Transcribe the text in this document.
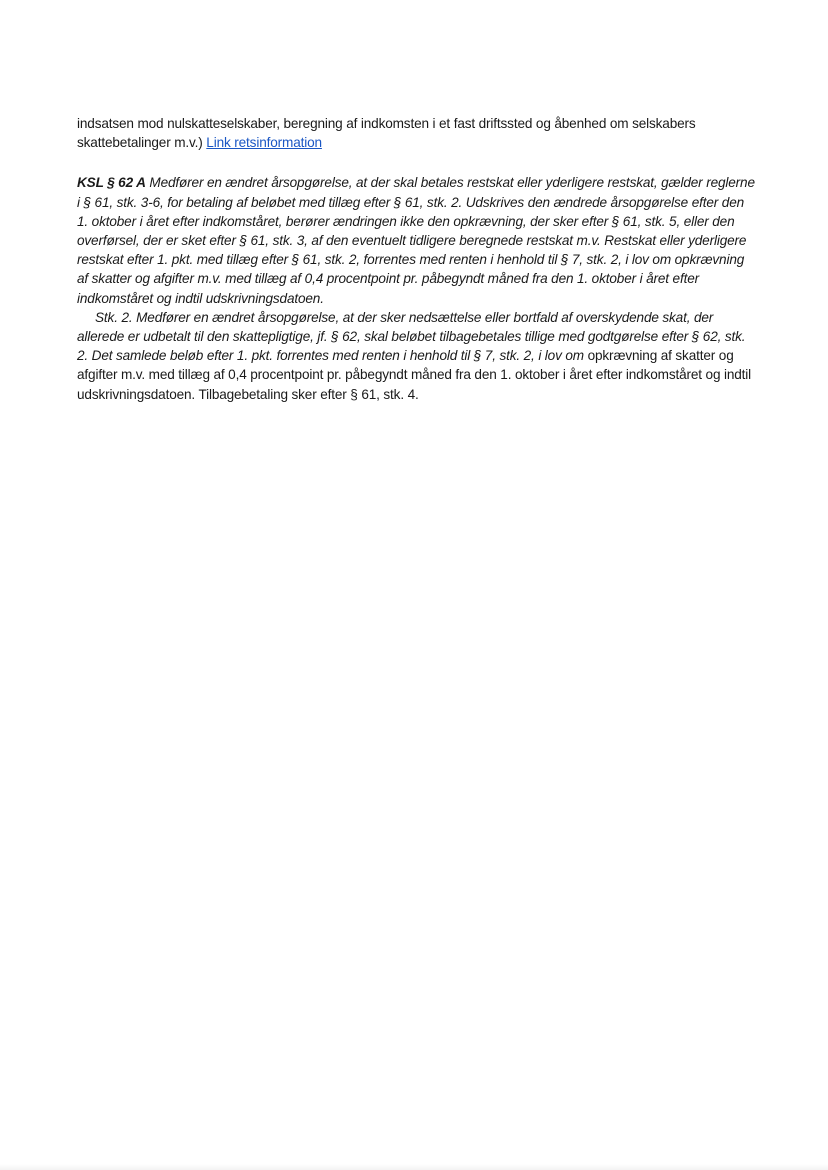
indsatsen mod nulskatteselskaber, beregning af indkomsten i et fast driftssted og åbenhed om selskabers skattebetalinger m.v.) Link retsinformation

KSL § 62 A Medfører en ændret årsopgørelse, at der skal betales restskat eller yderligere restskat, gælder reglerne i § 61, stk. 3-6, for betaling af beløbet med tillæg efter § 61, stk. 2. Udskrives den ændrede årsopgørelse efter den 1. oktober i året efter indkomståret, berører ændringen ikke den opkrævning, der sker efter § 61, stk. 5, eller den overførsel, der er sket efter § 61, stk. 3, af den eventuelt tidligere beregnede restskat m.v. Restskat eller yderligere restskat efter 1. pkt. med tillæg efter § 61, stk. 2, forrentes med renten i henhold til § 7, stk. 2, i lov om opkrævning af skatter og afgifter m.v. med tillæg af 0,4 procentpoint pr. påbegyndt måned fra den 1. oktober i året efter indkomståret og indtil udskrivningsdatoen.

Stk. 2. Medfører en ændret årsopgørelse, at der sker nedsættelse eller bortfald af overskydende skat, der allerede er udbetalt til den skattepligtige, jf. § 62, skal beløbet tilbagebetales tillige med godtgørelse efter § 62, stk. 2. Det samlede beløb efter 1. pkt. forrentes med renten i henhold til § 7, stk. 2, i lov om opkrævning af skatter og afgifter m.v. med tillæg af 0,4 procentpoint pr. påbegyndt måned fra den 1. oktober i året efter indkomståret og indtil udskrivningsdatoen. Tilbagebetaling sker efter § 61, stk. 4.
